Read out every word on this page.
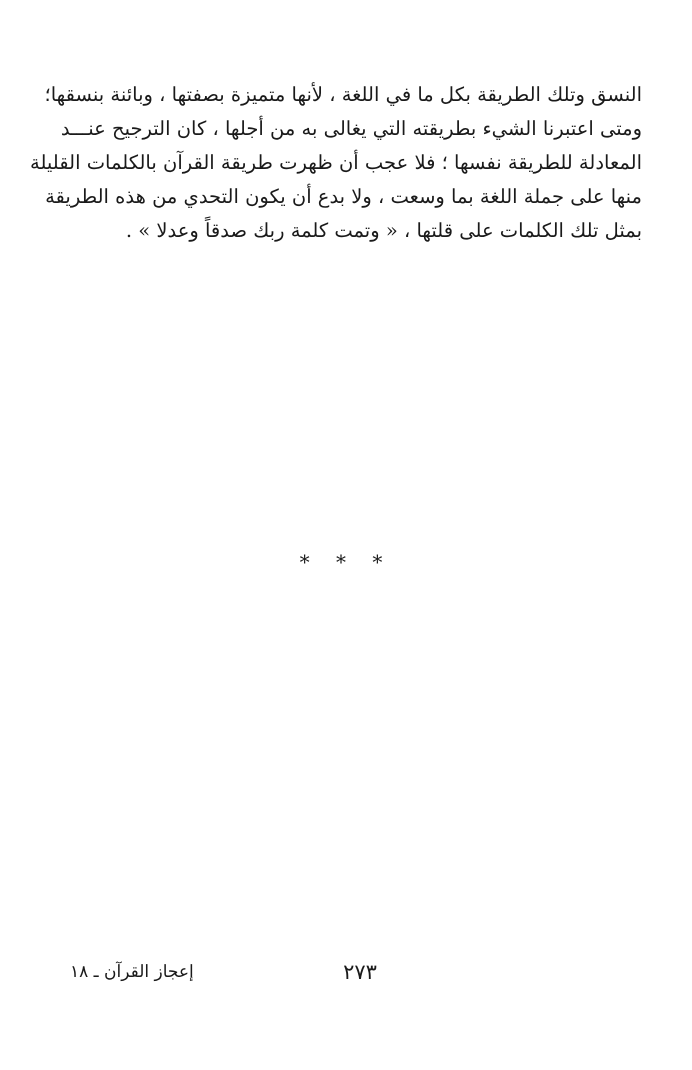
النسق وتلك الطريقة بكل ما في اللغة ، لأنها متميزة بصفتها ، وبائنة بنسقها؛
ومتى اعتبرنا الشيء بطريقته التي يغالى به من أجلها ، كان الترجيح عنـــد
المعادلة للطريقة نفسها ؛ فلا عجب أن ظهرت طريقة القرآن بالكلمات القليلة
منها على جملة اللغة بما وسعت ، ولا بدع أن يكون التحدي من هذه الطريقة
بمثل تلك الكلمات على قلتها ، « وتمت كلمة ربك صدقاً وعدلا » .
* * *
٢٧٣
إعجاز القرآن ـ ١٨
